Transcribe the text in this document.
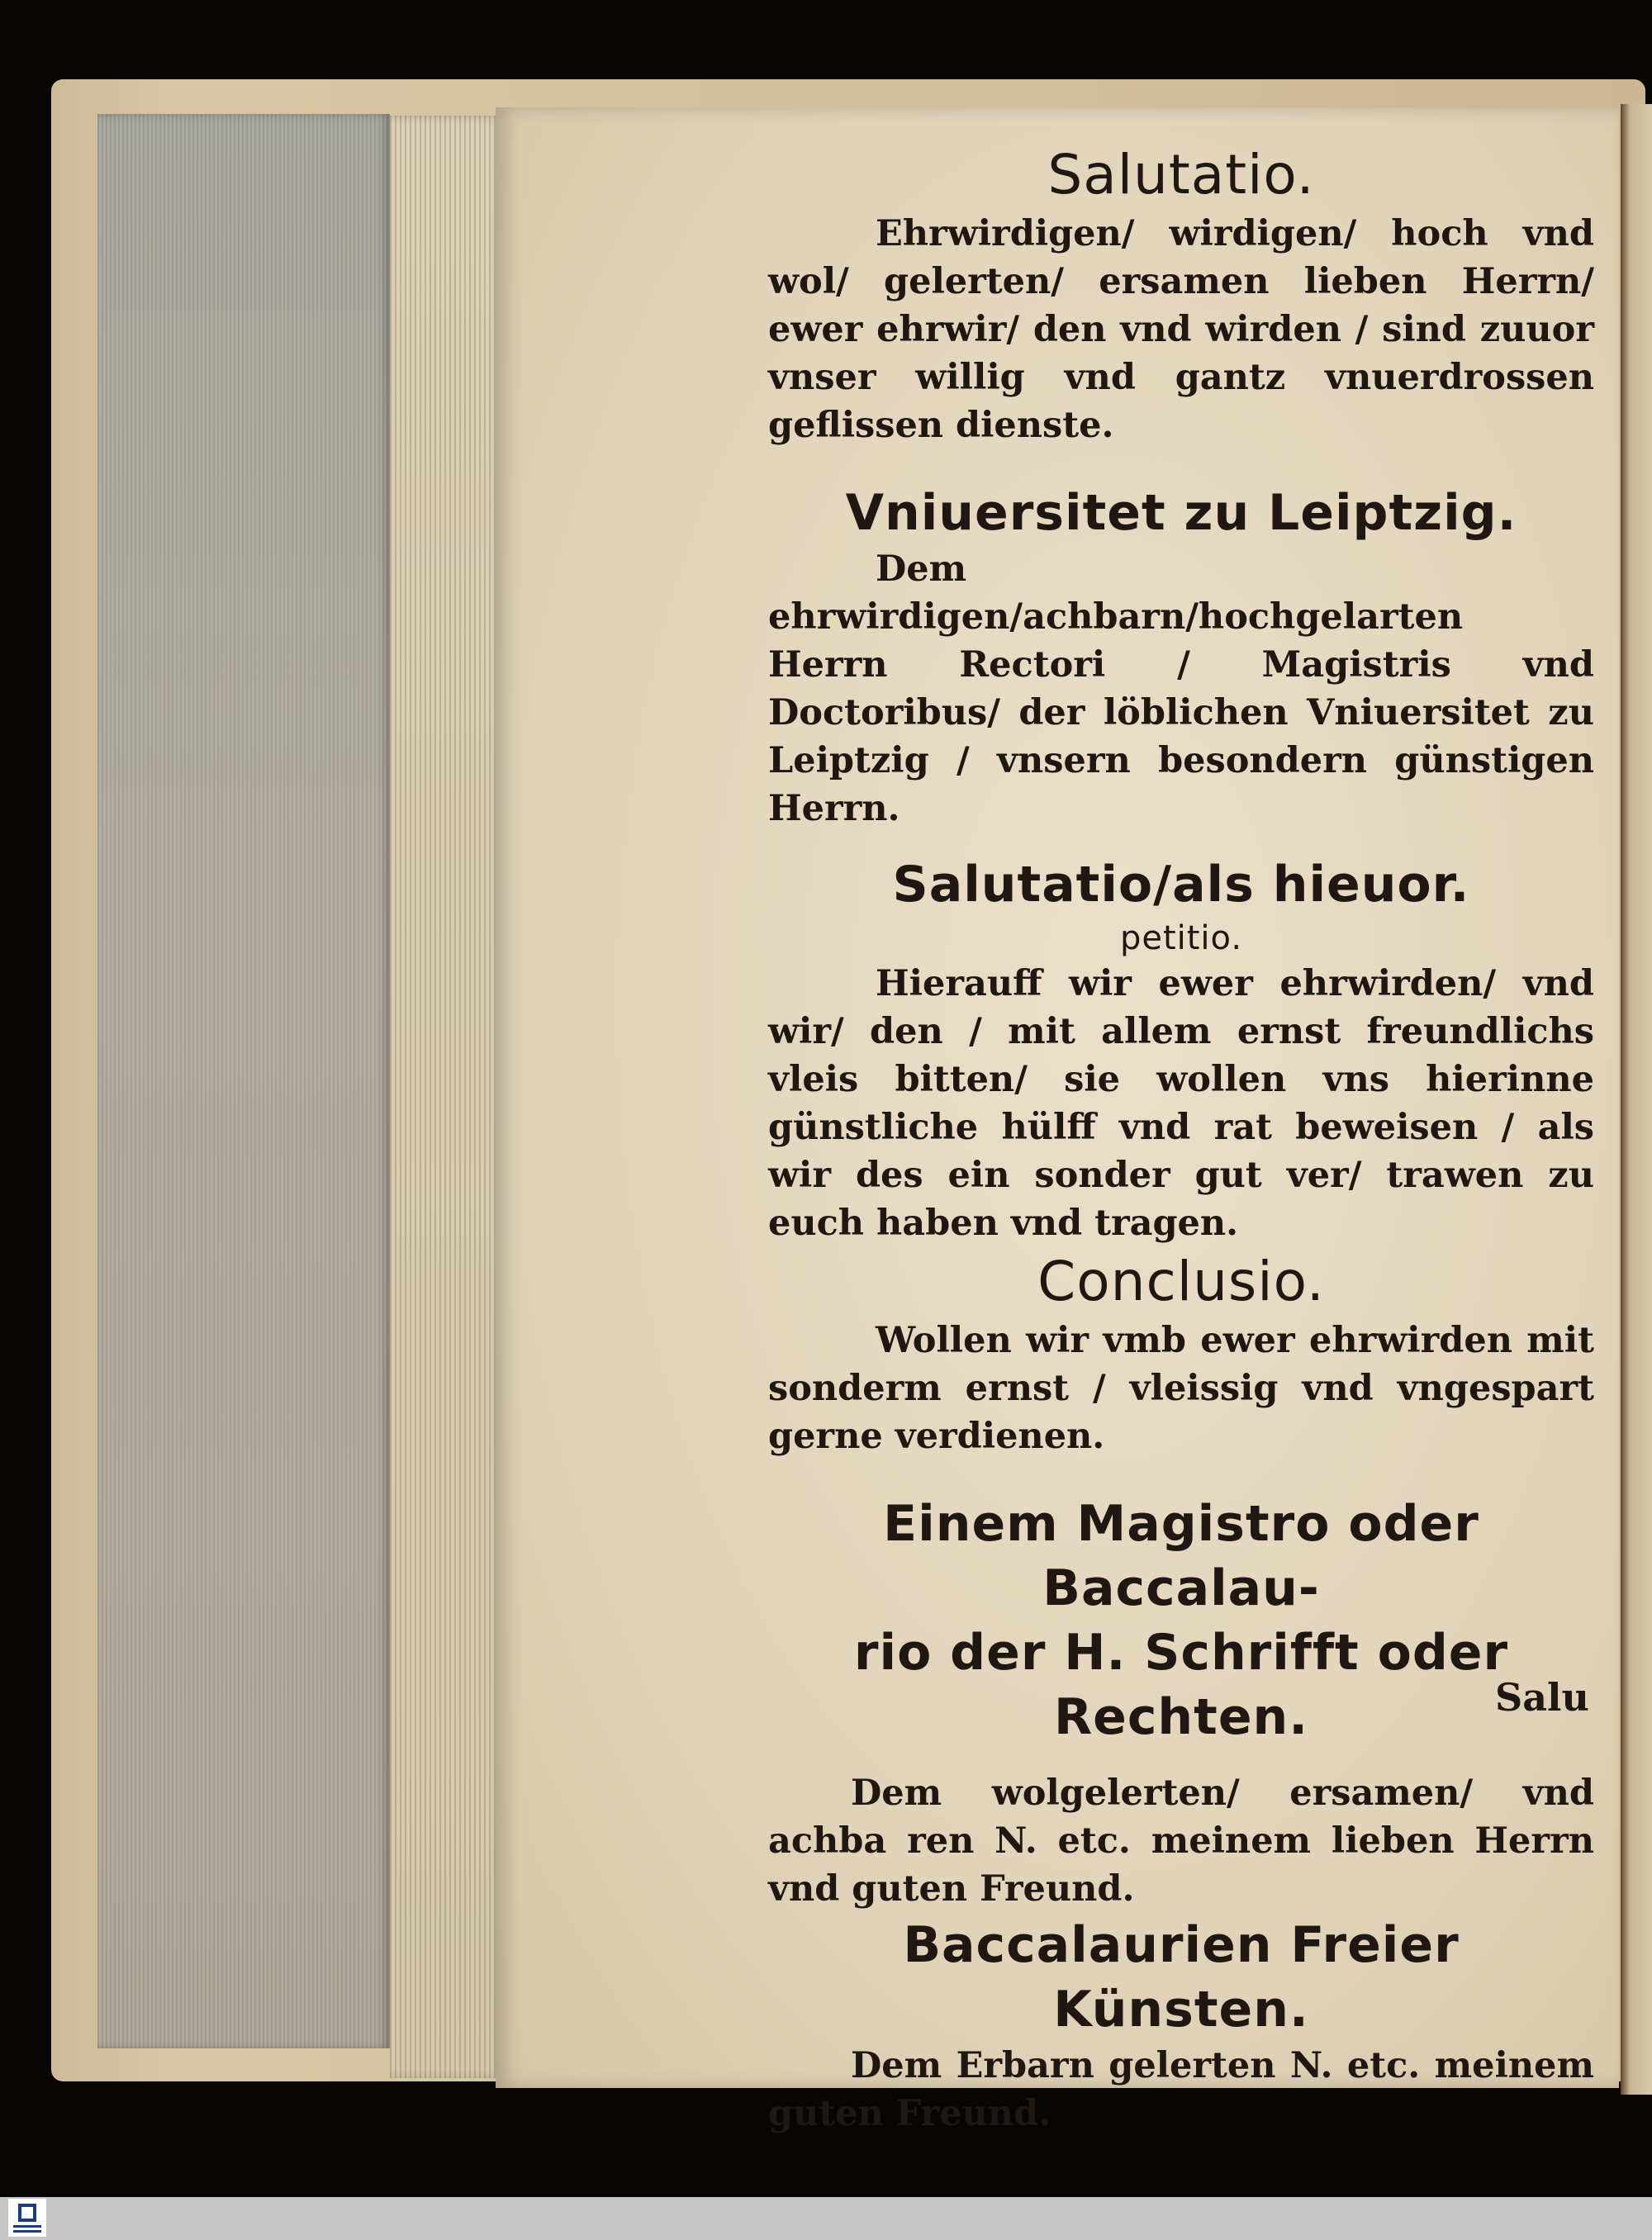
Salutatio.
Ehrwirdigen/ wirdigen/ hoch vnd wol/ gelerten/ ersamen lieben Herrn/ ewer ehrwir/ den vnd wirden / sind zuuor vnser willig vnd gantz vnuerdrossen geflissen dienste.
Vniuersitet zu Leiptzig.
Dem ehrwirdigen/achbarn/hochgelarten Herrn Rectori / Magistris vnd Doctoribus/ der löblichen Vniuersitet zu Leiptzig / vnsern besondern günstigen Herrn.
Salutatio/als hieuor.
petitio.
Hierauff wir ewer ehrwirden/ vnd wir/ den / mit allem ernst freundlichs vleis bitten/ sie wollen vns hierinne günstliche hülff vnd rat beweisen / als wir des ein sonder gut ver/ trawen zu euch haben vnd tragen.
Conclusio.
Wollen wir vmb ewer ehrwirden mit sonderm ernst / vleissig vnd vngespart gerne verdienen.
Einem Magistro oder Baccalau-
rio der H. Schrifft oder Rechten.
Dem wolgelerten/ ersamen/ vnd achba ren N. etc. meinem lieben Herrn vnd guten Freund.
Baccalaurien Freier Künsten.
Dem Erbarn gelerten N. etc. meinem guten Freund.
Salu
